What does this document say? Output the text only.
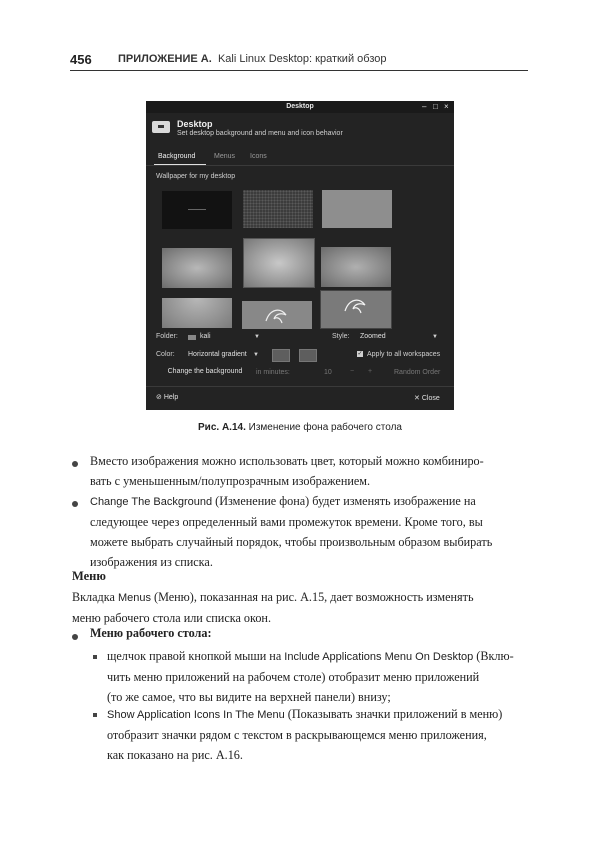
456 ПРИЛОЖЕНИЕ А. Kali Linux Desktop: краткий обзор
Desktop	– □ ×
Desktop
Set desktop background and menu and icon behavior
Background	Menus Icons
Wallpaper for my desktop
Folder:	kali	▼	Style: Zoomed	▼
Color: Horizontal gradient ▼	✓ Apply to all workspaces
Change the background	in minutes:	10	− +	Random Order
⊘ Help	✕ Close
Рис. А.14. Изменение фона рабочего стола
Вместо изображения можно использовать цвет, который можно комбиниро-
вать с уменьшенным/полупрозрачным изображением.
Change The Background (Изменение фона) будет изменять изображение на
следующее через определенный вами промежуток времени. Кроме того, вы
можете выбрать случайный порядок, чтобы произвольным образом выбирать
изображения из списка.
Меню
Вкладка Menus (Меню), показанная на рис. А.15, дает возможность изменять
меню рабочего стола или списка окон.
Меню рабочего стола:
щелчок правой кнопкой мыши на Include Applications Menu On Desktop (Вклю-
чить меню приложений на рабочем столе) отобразит меню приложений
(то же самое, что вы видите на верхней панели) внизу;
Show Application Icons In The Menu (Показывать значки приложений в меню)
отобразит значки рядом с текстом в раскрывающемся меню приложения,
как показано на рис. А.16.
